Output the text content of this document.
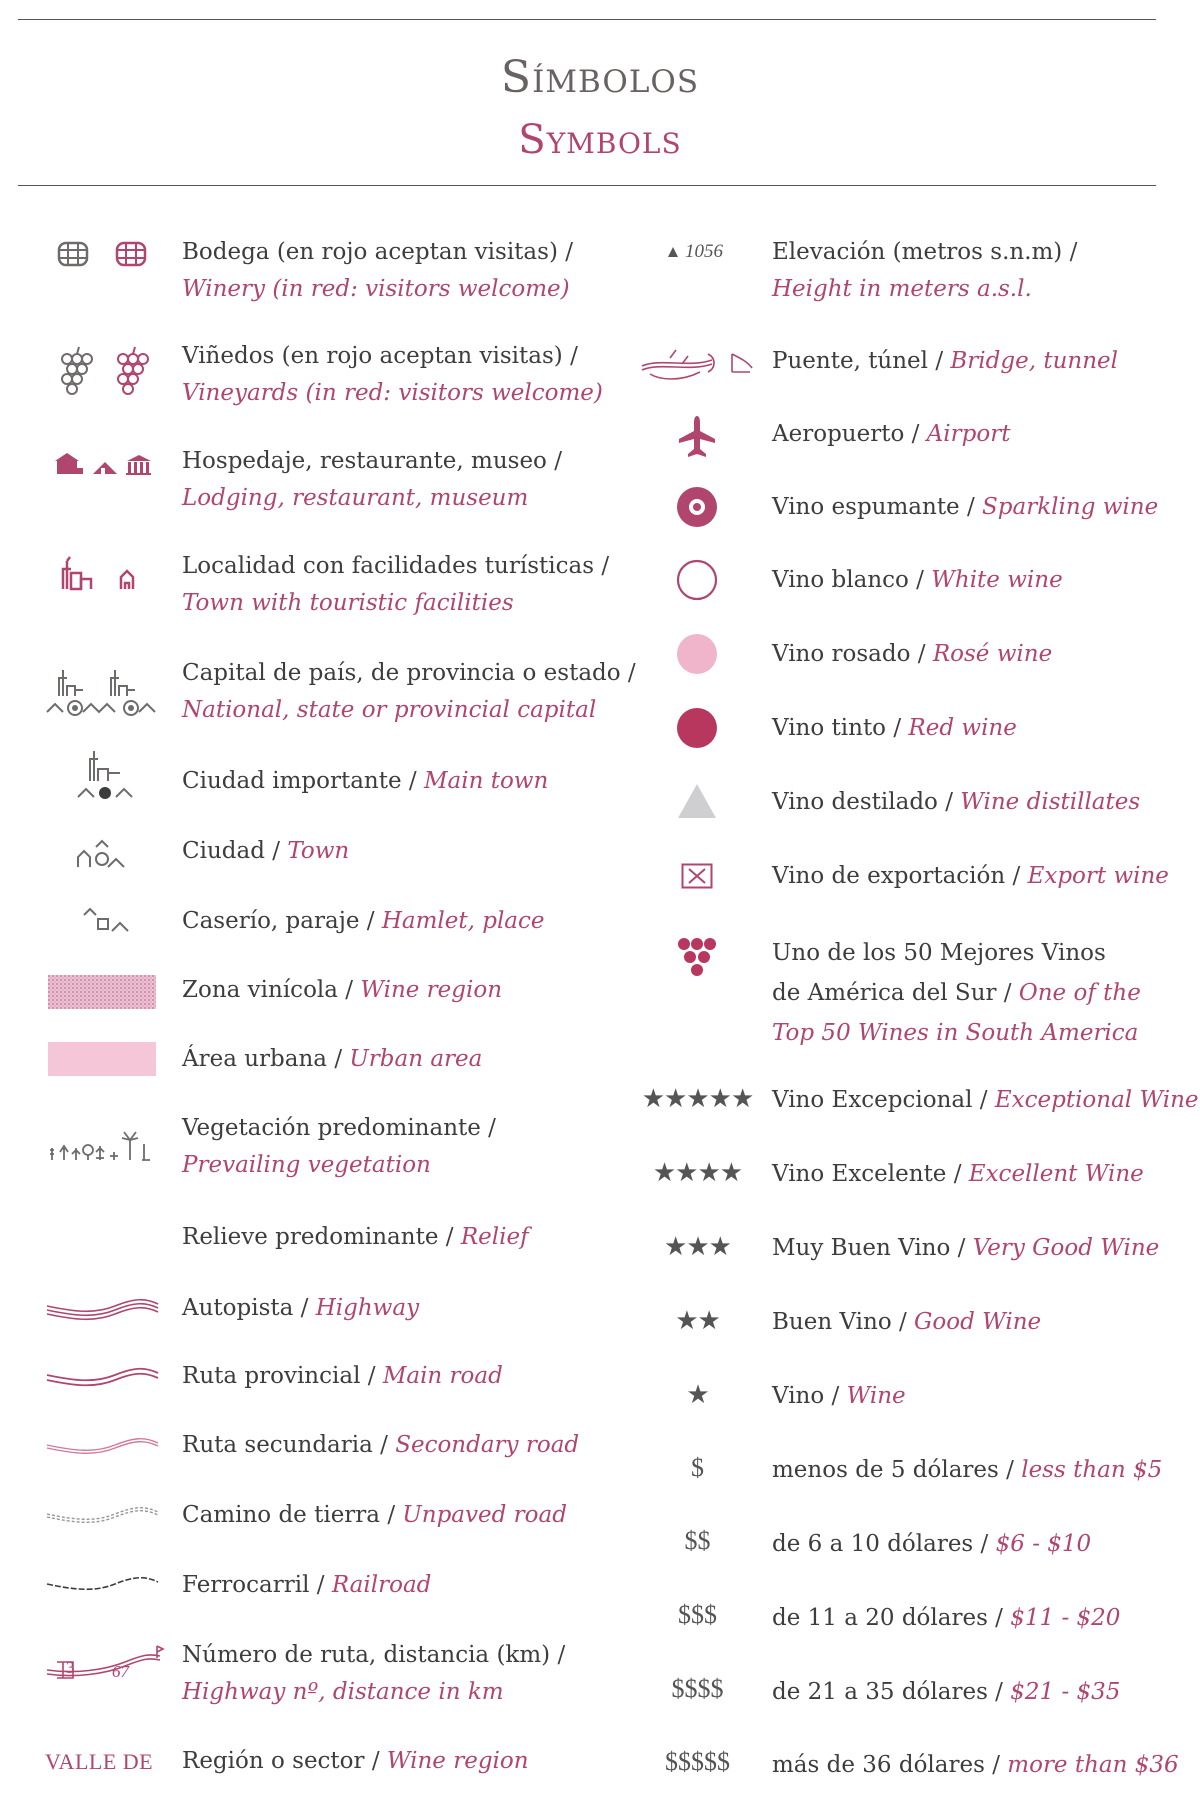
Símbolos
Symbols
Bodega (en rojo aceptan visitas) /
Winery (in red: visitors welcome)
Viñedos (en rojo aceptan visitas) /
Vineyards (in red: visitors welcome)
Hospedaje, restaurante, museo /
Lodging, restaurant, museum
Localidad con facilidades turísticas /
Town with touristic facilities
Capital de país, de provincia o estado /
National, state or provincial capital
Ciudad importante / Main town
Ciudad / Town
Caserío, paraje / Hamlet, place
Zona vinícola / Wine region
Área urbana / Urban area
Vegetación predominante /
Prevailing vegetation
Relieve predominante / Relief
Autopista / Highway
Ruta provincial / Main road
Ruta secundaria / Secondary road
Camino de tierra / Unpaved road
Ferrocarril / Railroad
3 67
Número de ruta, distancia (km) /
Highway nº, distance in km
VALLE DE Región o sector / Wine region
1056 Elevación (metros s.n.m) /
Height in meters a.s.l.
Puente, túnel / Bridge, tunnel
Aeropuerto / Airport
Vino espumante / Sparkling wine
Vino blanco / White wine
Vino rosado / Rosé wine
Vino tinto / Red wine
Vino destilado / Wine distillates
Vino de exportación / Export wine
Uno de los 50 Mejores Vinos
de América del Sur / One of the
Top 50 Wines in South America
★★★★★ Vino Excepcional / Exceptional Wine
★★★★ Vino Excelente / Excellent Wine
★★★ Muy Buen Vino / Very Good Wine
★★ Buen Vino / Good Wine
★	Vino / Wine
$	menos de 5 dólares / less than $5
$$	de 6 a 10 dólares / $6 - $10
$$$ de 11 a 20 dólares / $11 - $20
$$$$ de 21 a 35 dólares / $21 - $35
$$$$$ más de 36 dólares / more than $36
